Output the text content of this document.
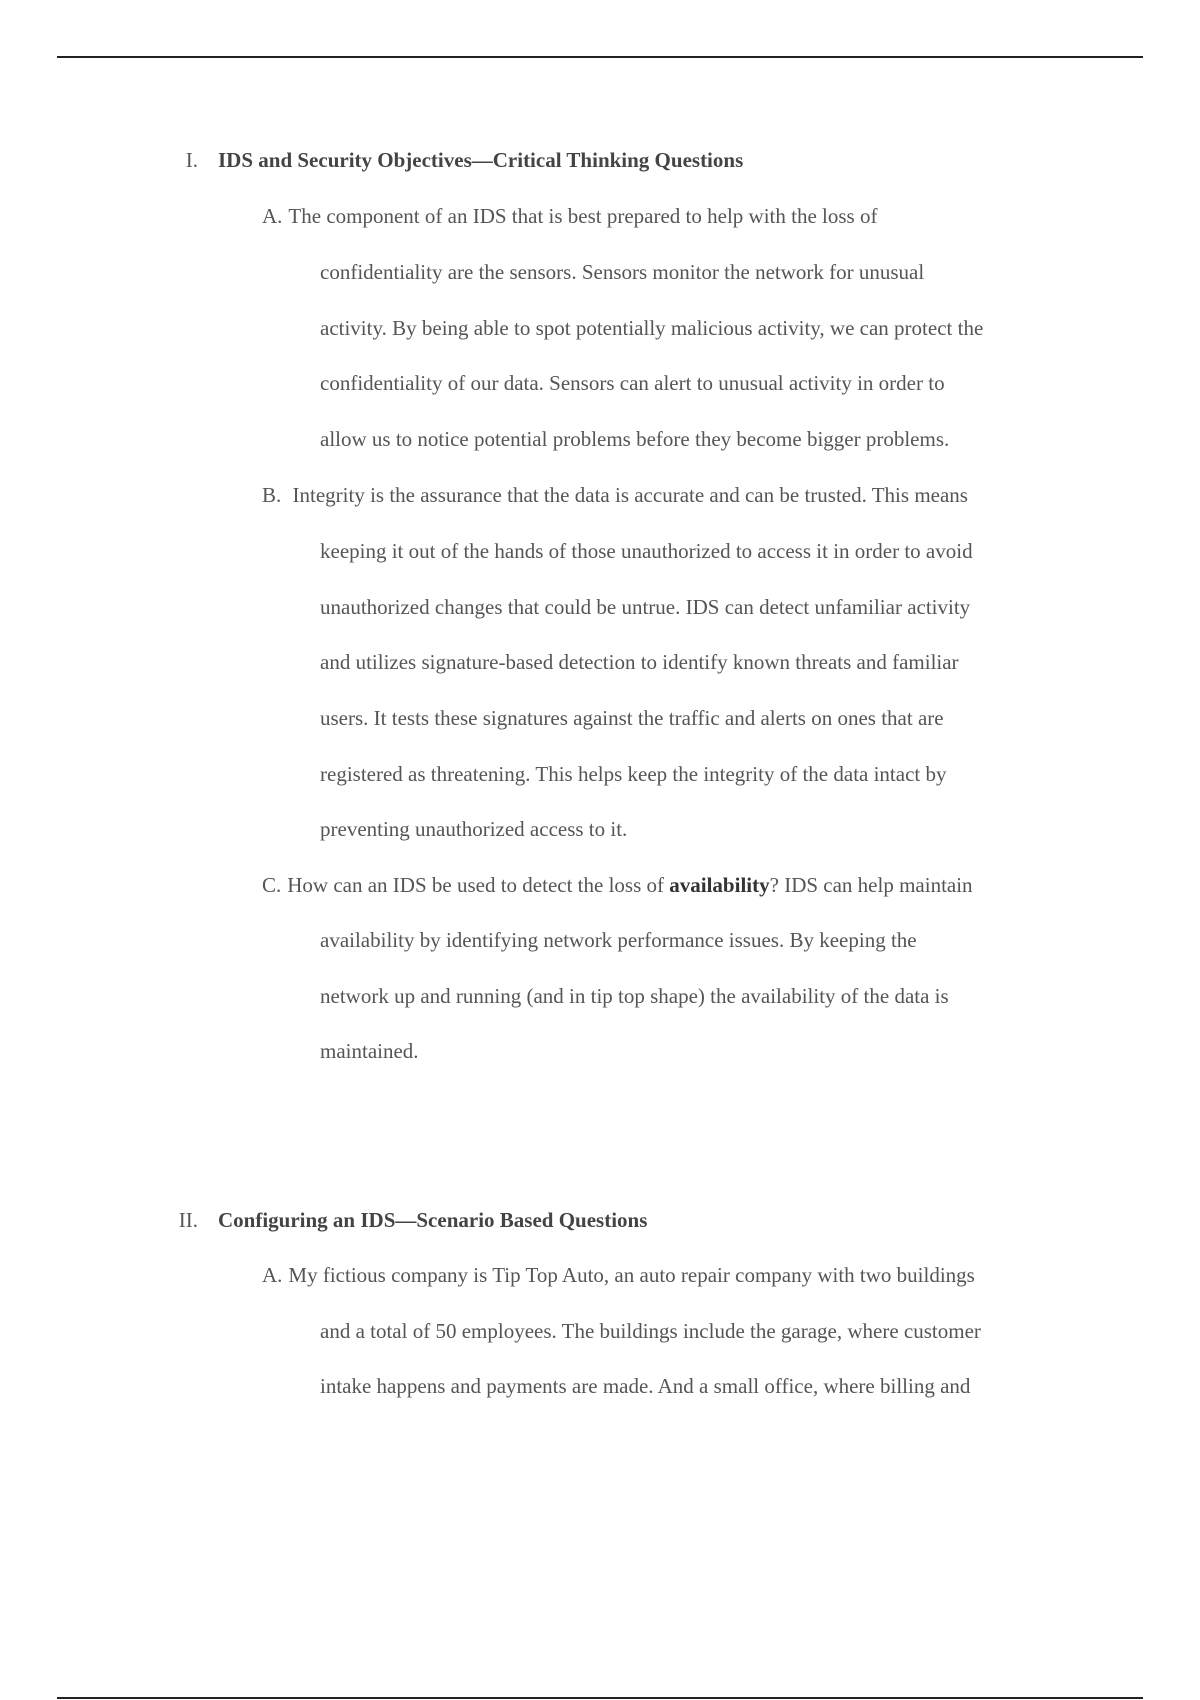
I. IDS and Security Objectives—Critical Thinking Questions
A. The component of an IDS that is best prepared to help with the loss of
confidentiality are the sensors. Sensors monitor the network for unusual
activity. By being able to spot potentially malicious activity, we can protect the
confidentiality of our data. Sensors can alert to unusual activity in order to
allow us to notice potential problems before they become bigger problems.
B. Integrity is the assurance that the data is accurate and can be trusted. This means
keeping it out of the hands of those unauthorized to access it in order to avoid
unauthorized changes that could be untrue. IDS can detect unfamiliar activity
and utilizes signature-based detection to identify known threats and familiar
users. It tests these signatures against the traffic and alerts on ones that are
registered as threatening. This helps keep the integrity of the data intact by
preventing unauthorized access to it.
C. How can an IDS be used to detect the loss of availability? IDS can help maintain
availability by identifying network performance issues. By keeping the
network up and running (and in tip top shape) the availability of the data is
maintained.
II. Configuring an IDS—Scenario Based Questions
A. My fictious company is Tip Top Auto, an auto repair company with two buildings
and a total of 50 employees. The buildings include the garage, where customer
intake happens and payments are made. And a small office, where billing and
